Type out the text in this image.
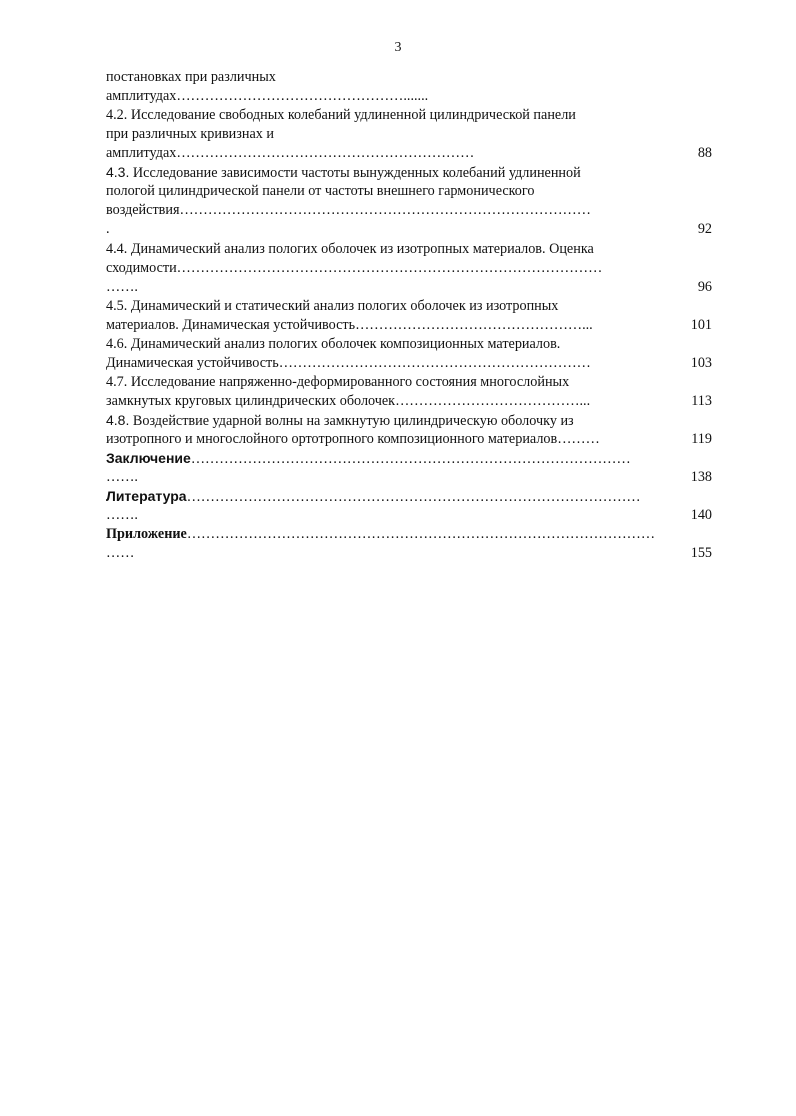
3
постановках при различных
амплитудах………………………………………….......
4.2. Исследование свободных колебаний удлиненной цилиндрической панели
при различных кривизнах и
амплитудах………………………………………………………	88
4.3. Исследование зависимости частоты вынужденных колебаний удлиненной
пологой цилиндрической панели от частоты внешнего гармонического
воздействия……………………………………………………………………………
.	92
4.4. Динамический анализ пологих оболочек из изотропных материалов. Оценка
сходимости………………………………………………………………………………
…….	96
4.5. Динамический и статический анализ пологих оболочек из изотропных
материалов. Динамическая устойчивость…………………………………………...	101
4.6. Динамический анализ пологих оболочек композиционных материалов.
Динамическая устойчивость…………………………………………………………	103
4.7. Исследование напряженно-деформированного состояния многослойных
замкнутых круговых цилиндрических оболочек…………………………………...	113
4.8. Воздействие ударной волны на замкнутую цилиндрическую оболочку из
изотропного и многослойного ортотропного композиционного материалов………	119
Заключение…………………………………………………………………………………
…….	138
Литература……………………………………………………………………………………
…….	140
Приложение………………………………………………………………………………………
……	155
